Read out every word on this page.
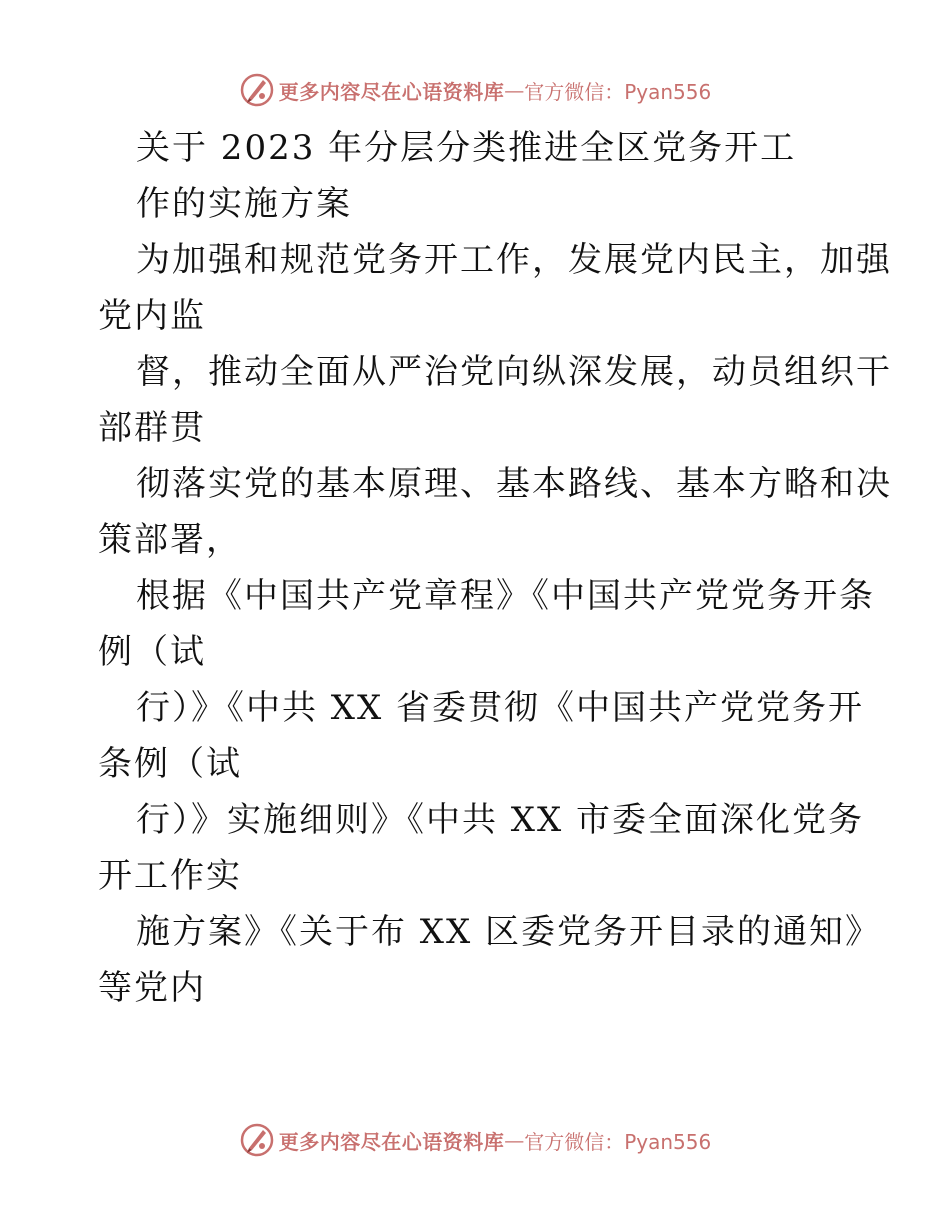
更多内容尽在心语资料库 — 官方微信：Pyan556
关于 2023 年分层分类推进全区党务开工
作的实施方案
为加强和规范党务开工作，发展党内民主，加强
党内监
督，推动全面从严治党向纵深发展，动员组织干
部群贯
彻落实党的基本原理、基本路线、基本方略和决
策部署，
根据《中国共产党章程》《中国共产党党务开条
例（试
行）》《中共 XX 省委贯彻《中国共产党党务开
条例（试
行）》实施细则》《中共 XX 市委全面深化党务
开工作实
施方案》《关于布 XX 区委党务开目录的通知》
等党内
更多内容尽在心语资料库 — 官方微信：Pyan556
